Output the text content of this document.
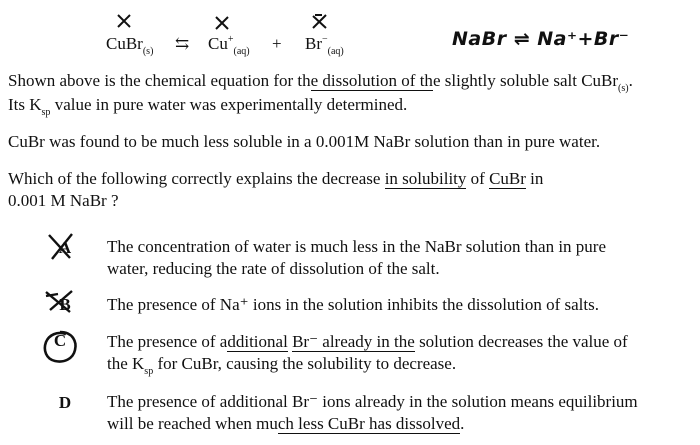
CuBr$_{(s)}$ ⇆ $Cu^+_{(aq)} + Br^-_{(aq)}$
NaBr ⇌ Na⁺+Br⁻
Shown above is the chemical equation for the dissolution of the slightly soluble salt CuBr$_{(s)}$.
Its $K_{sp}$ value in pure water was experimentally determined.
CuBr was found to be much less soluble in a 0.001M NaBr solution than in pure water.
Which of the following correctly explains the decrease in solubility of CuBr in
0.001 M NaBr ?
A	The concentration of water is much less in the NaBr solution than in pure
water, reducing the rate of dissolution of the salt.
B	The presence of Na⁺ ions in the solution inhibits the dissolution of salts.
C	The presence of additional Br⁻ already in the solution decreases the value of
the $K_{sp}$ for CuBr, causing the solubility to decrease.
D	The presence of additional Br⁻ ions already in the solution means equilibrium
will be reached when much less CuBr has dissolved.
